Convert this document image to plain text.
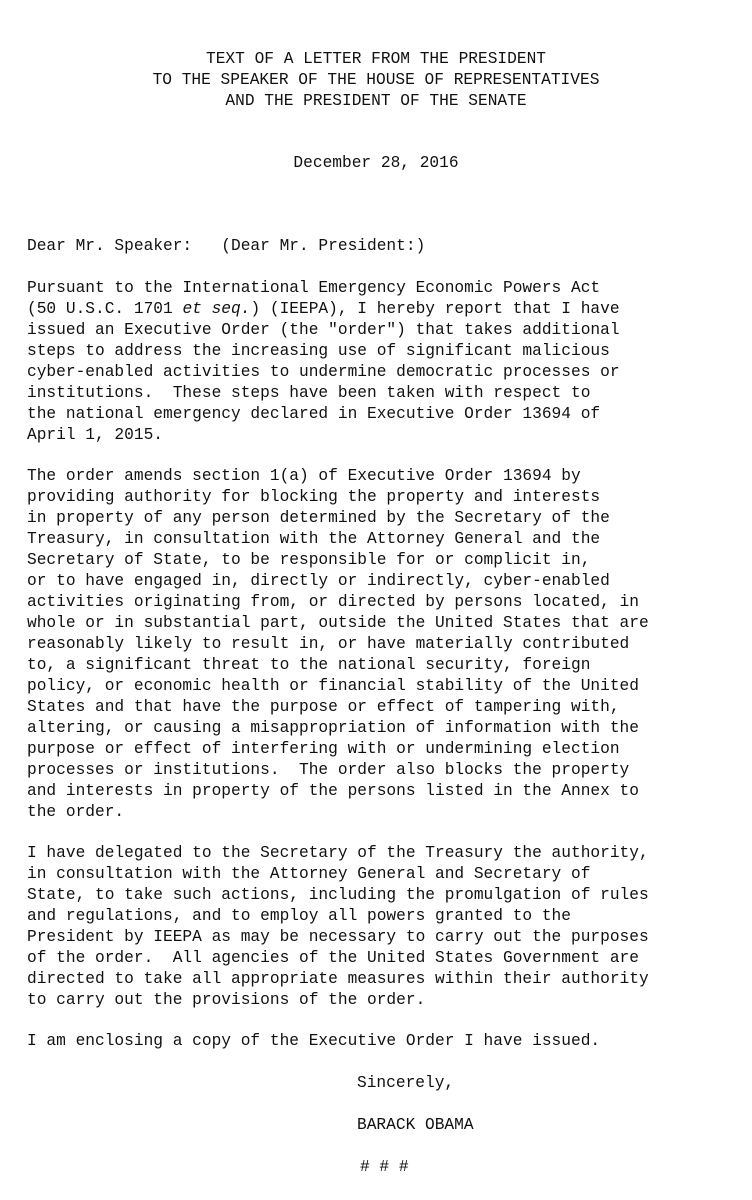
TEXT OF A LETTER FROM THE PRESIDENT

TO THE SPEAKER OF THE HOUSE OF REPRESENTATIVES

AND THE PRESIDENT OF THE SENATE

December 28, 2016

Dear Mr. Speaker:   (Dear Mr. President:)

Pursuant to the International Emergency Economic Powers Act

(50 U.S.C. 1701 et seq.) (IEEPA), I hereby report that I have

issued an Executive Order (the "order") that takes additional

steps to address the increasing use of significant malicious

cyber-enabled activities to undermine democratic processes or

institutions.  These steps have been taken with respect to

the national emergency declared in Executive Order 13694 of

April 1, 2015.

The order amends section 1(a) of Executive Order 13694 by

providing authority for blocking the property and interests

in property of any person determined by the Secretary of the

Treasury, in consultation with the Attorney General and the

Secretary of State, to be responsible for or complicit in,

or to have engaged in, directly or indirectly, cyber-enabled

activities originating from, or directed by persons located, in

whole or in substantial part, outside the United States that are

reasonably likely to result in, or have materially contributed

to, a significant threat to the national security, foreign

policy, or economic health or financial stability of the United

States and that have the purpose or effect of tampering with,

altering, or causing a misappropriation of information with the

purpose or effect of interfering with or undermining election

processes or institutions.  The order also blocks the property

and interests in property of the persons listed in the Annex to

the order.

I have delegated to the Secretary of the Treasury the authority,

in consultation with the Attorney General and Secretary of

State, to take such actions, including the promulgation of rules

and regulations, and to employ all powers granted to the

President by IEEPA as may be necessary to carry out the purposes

of the order.  All agencies of the United States Government are

directed to take all appropriate measures within their authority

to carry out the provisions of the order.

I am enclosing a copy of the Executive Order I have issued.

Sincerely,

BARACK OBAMA

# # #
